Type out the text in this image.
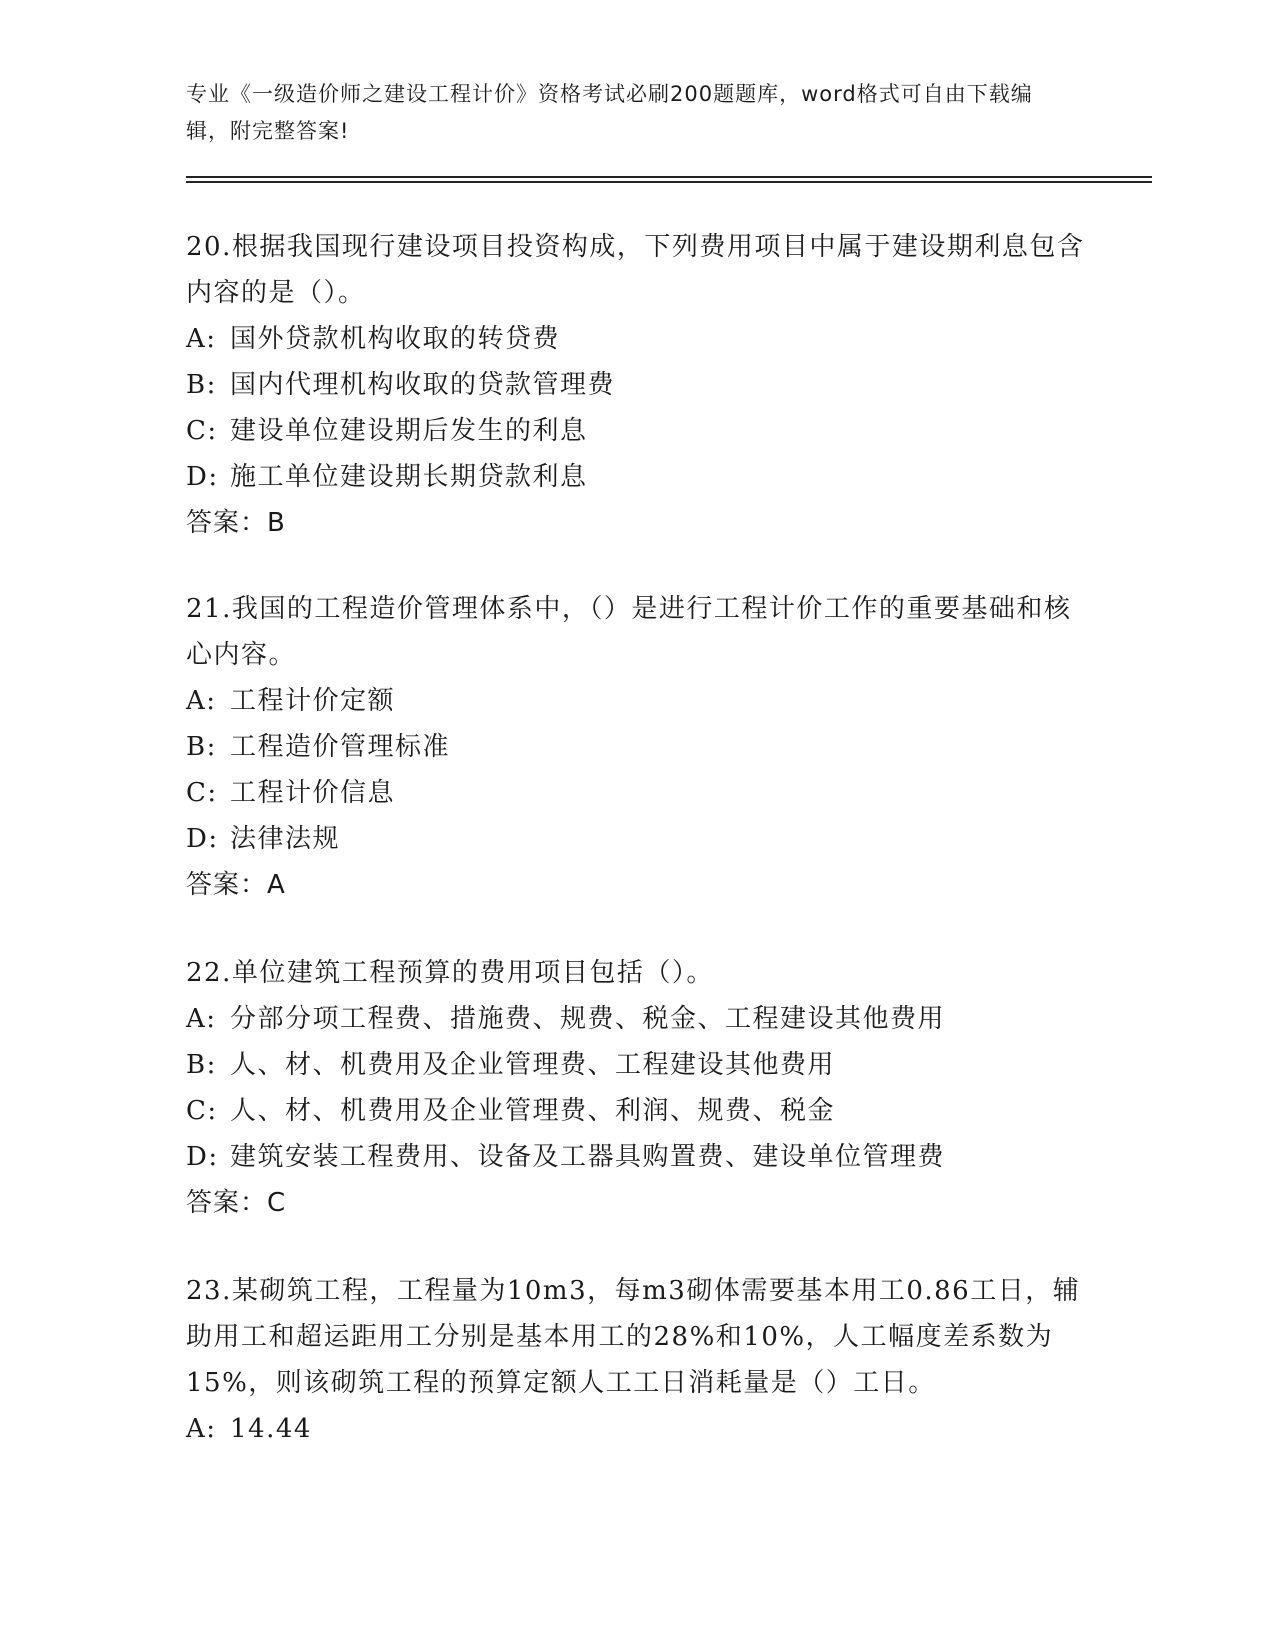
专业《一级造价师之建设工程计价》资格考试必刷200题题库，word格式可自由下载编辑，附完整答案!

20.根据我国现行建设项目投资构成，下列费用项目中属于建设期利息包含内容的是（）。

A: 国外贷款机构收取的转贷费

B: 国内代理机构收取的贷款管理费

C: 建设单位建设期后发生的利息

D: 施工单位建设期长期贷款利息

答案：B

21.我国的工程造价管理体系中，（）是进行工程计价工作的重要基础和核心内容。

A: 工程计价定额

B: 工程造价管理标准

C: 工程计价信息

D: 法律法规

答案：A

22.单位建筑工程预算的费用项目包括（）。

A: 分部分项工程费、措施费、规费、税金、工程建设其他费用

B: 人、材、机费用及企业管理费、工程建设其他费用

C: 人、材、机费用及企业管理费、利润、规费、税金

D: 建筑安装工程费用、设备及工器具购置费、建设单位管理费

答案：C

23.某砌筑工程，工程量为10m3，每m3砌体需要基本用工0.86工日，辅助用工和超运距用工分别是基本用工的28%和10%，人工幅度差系数为15%，则该砌筑工程的预算定额人工工日消耗量是（）工日。

A: 14.44
